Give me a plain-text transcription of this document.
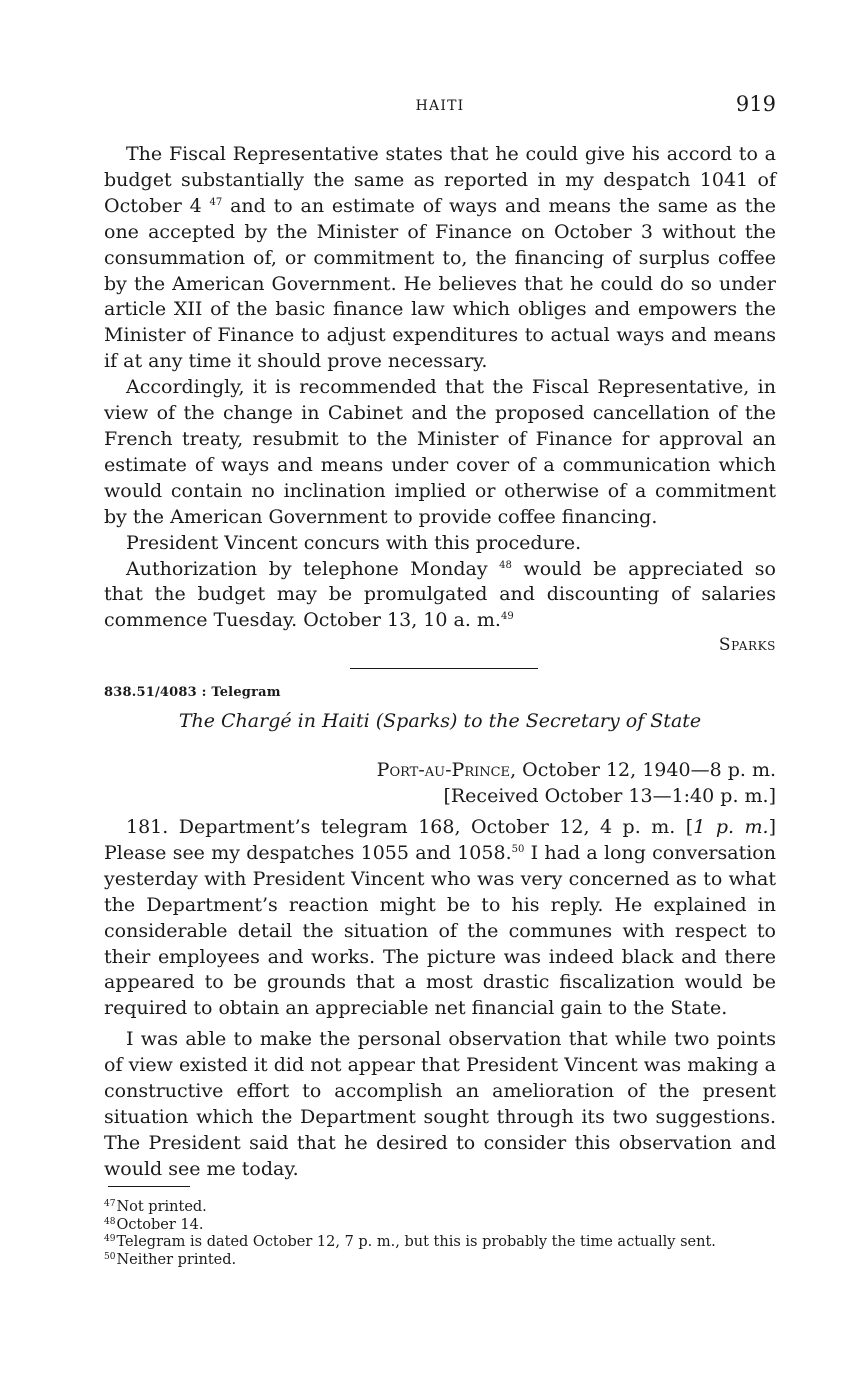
HAITI	919

The Fiscal Representative states that he could give his accord to a budget substantially the same as reported in my despatch 1041 of October 4 $^{47}$ and to an estimate of ways and means the same as the one accepted by the Minister of Finance on October 3 without the consummation of, or commitment to, the financing of surplus coffee by the American Government. He believes that he could do so under article XII of the basic finance law which obliges and empowers the Minister of Finance to adjust expenditures to actual ways and means if at any time it should prove necessary.

Accordingly, it is recommended that the Fiscal Representative, in view of the change in Cabinet and the proposed cancellation of the French treaty, resubmit to the Minister of Finance for approval an estimate of ways and means under cover of a communication which would contain no inclination implied or otherwise of a commitment by the American Government to provide coffee financing.

President Vincent concurs with this procedure.

Authorization by telephone Monday $^{48}$ would be appreciated so that the budget may be promulgated and discounting of salaries commence Tuesday. October 13, 10 a. m.$^{49}$

Sparks
838.51/4083 : Telegram
The Chargé in Haiti (Sparks) to the Secretary of State
Port-au-Prince, October 12, 1940—8 p. m.
[Received October 13—1:40 p. m.]

181. Department’s telegram 168, October 12, 4 p. m. [1 p. m.] Please see my despatches 1055 and 1058.50 I had a long conversation yesterday with President Vincent who was very concerned as to what the Department’s reaction might be to his reply. He explained in considerable detail the situation of the communes with respect to their employees and works. The picture was indeed black and there appeared to be grounds that a most drastic fiscalization would be required to obtain an appreciable net financial gain to the State.

I was able to make the personal observation that while two points of view existed it did not appear that President Vincent was making a constructive effort to accomplish an amelioration of the present situation which the Department sought through its two suggestions. The President said that he desired to consider this observation and would see me today.

$^{47}$Not printed.

$^{48}$October 14.

$^{49}$Telegram is dated October 12, 7 p. m., but this is probably the time actually sent.

$^{50}$Neither printed.
